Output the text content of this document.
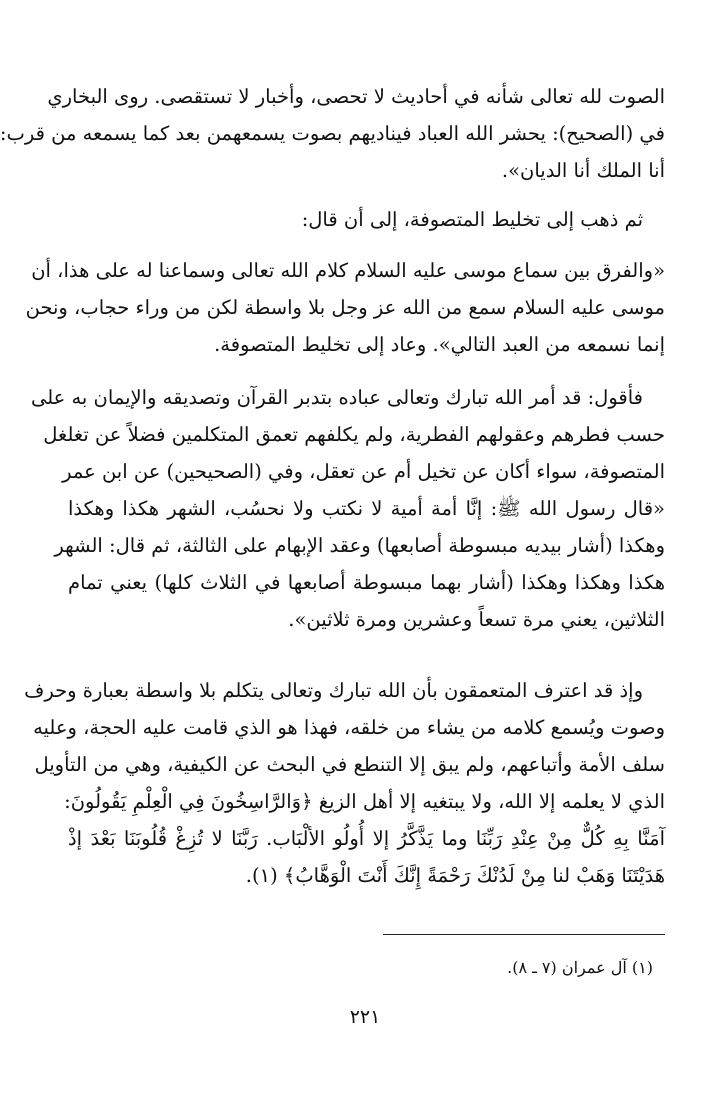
الصوت لله تعالى شأنه في أحاديث لا تحصى، وأخبار لا تستقصى. روى البخاري
في (الصحيح): يحشر الله العباد فيناديهم بصوت يسمعهمن بعد كما يسمعه من قرب:
أنا الملك أنا الديان».
ثم ذهب إلى تخليط المتصوفة، إلى أن قال:
«والفرق بين سماع موسى عليه السلام كلام الله تعالى وسماعنا له على هذا، أن
موسى عليه السلام سمع من الله عز وجل بلا واسطة لكن من وراء حجاب، ونحن
إنما نسمعه من العبد التالي». وعاد إلى تخليط المتصوفة.
فأقول: قد أمر الله تبارك وتعالى عباده بتدبر القرآن وتصديقه والإيمان به على
حسب فطرهم وعقولهم الفطرية، ولم يكلفهم تعمق المتكلمين فضلاً عن تغلغل
المتصوفة، سواء أكان عن تخيل أم عن تعقل، وفي (الصحيحين) عن ابن عمر
«قال رسول الله ﷺ: إنَّا أمة أمية لا نكتب ولا نحسُب، الشهر هكذا وهكذا
وهكذا (أشار بيديه مبسوطة أصابعها) وعقد الإبهام على الثالثة، ثم قال: الشهر
هكذا وهكذا وهكذا (أشار بهما مبسوطة أصابعها في الثلاث كلها) يعني تمام
الثلاثين، يعني مرة تسعاً وعشرين ومرة ثلاثين».
وإذ قد اعترف المتعمقون بأن الله تبارك وتعالى يتكلم بلا واسطة بعبارة وحرف
وصوت ويُسمع كلامه من يشاء من خلقه، فهذا هو الذي قامت عليه الحجة، وعليه
سلف الأمة وأتباعهم، ولم يبق إلا التنطع في البحث عن الكيفية، وهي من التأويل
الذي لا يعلمه إلا الله، ولا يبتغيه إلا أهل الزيغ ﴿وَالرَّاسِخُونَ فِي الْعِلْمِ يَقُولُونَ:
آمَنَّا بِهِ كُلٌّ مِنْ عِنْدِ رَبِّنَا وما يَذَّكَّرُ إلا أُولُو الألْبَاب. رَبَّنَا لا تُزِغْ قُلُوبَنَا بَعْدَ إذْ
هَدَيْتَنَا وَهَبْ لنا مِنْ لَدُنْكَ رَحْمَةً إِنَّكَ أَنْتَ الْوَهَّابُ﴾ (١).
(١) آل عمران (٧ ـ ٨).
٢٢١
